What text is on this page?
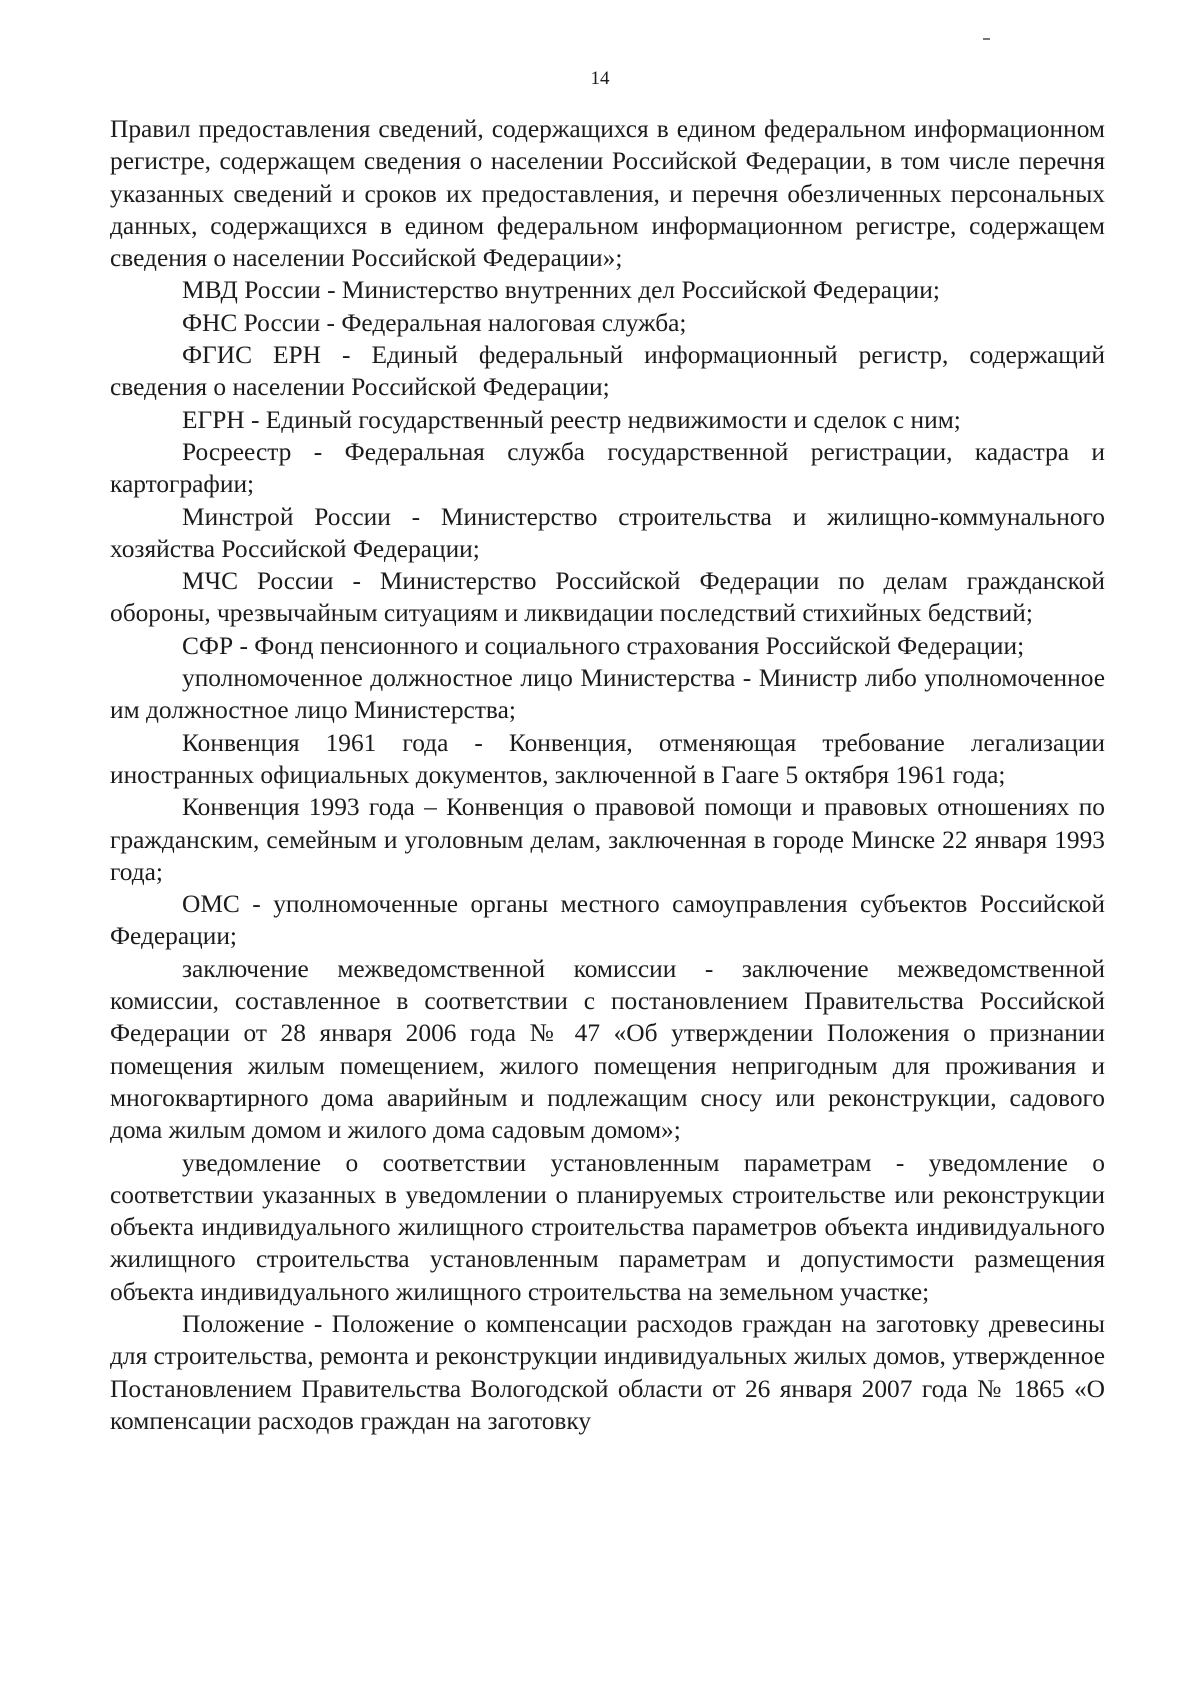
14

Правил предоставления сведений, содержащихся в едином федеральном информационном регистре, содержащем сведения о населении Российской Федерации, в том числе перечня указанных сведений и сроков их предоставления, и перечня обезличенных персональных данных, содержащихся в едином федеральном информационном регистре, содержащем сведения о населении Российской Федерации»;

МВД России - Министерство внутренних дел Российской Федерации;

ФНС России - Федеральная налоговая служба;

ФГИС ЕРН - Единый федеральный информационный регистр, содержащий сведения о населении Российской Федерации;

ЕГРН - Единый государственный реестр недвижимости и сделок с ним;

Росреестр - Федеральная служба государственной регистрации, кадастра и картографии;

Минстрой России - Министерство строительства и жилищно-коммунального хозяйства Российской Федерации;

МЧС России - Министерство Российской Федерации по делам гражданской обороны, чрезвычайным ситуациям и ликвидации последствий стихийных бедствий;

СФР - Фонд пенсионного и социального страхования Российской Федерации;

уполномоченное должностное лицо Министерства - Министр либо уполномоченное им должностное лицо Министерства;

Конвенция 1961 года - Конвенция, отменяющая требование легализации иностранных официальных документов, заключенной в Гааге 5 октября 1961 года;

Конвенция 1993 года – Конвенция о правовой помощи и правовых отношениях по гражданским, семейным и уголовным делам, заключенная в городе Минске 22 января 1993 года;

ОМС - уполномоченные органы местного самоуправления субъектов Российской Федерации;

заключение межведомственной комиссии - заключение межведомственной комиссии, составленное в соответствии с постановлением Правительства Российской Федерации от 28 января 2006 года № 47 «Об утверждении Положения о признании помещения жилым помещением, жилого помещения непригодным для проживания и многоквартирного дома аварийным и подлежащим сносу или реконструкции, садового дома жилым домом и жилого дома садовым домом»;

уведомление о соответствии установленным параметрам - уведомление о соответствии указанных в уведомлении о планируемых строительстве или реконструкции объекта индивидуального жилищного строительства параметров объекта индивидуального жилищного строительства установленным параметрам и допустимости размещения объекта индивидуального жилищного строительства на земельном участке;

Положение - Положение о компенсации расходов граждан на заготовку древесины для строительства, ремонта и реконструкции индивидуальных жилых домов, утвержденное Постановлением Правительства Вологодской области от 26 января 2007 года № 1865 «О компенсации расходов граждан на заготовку
